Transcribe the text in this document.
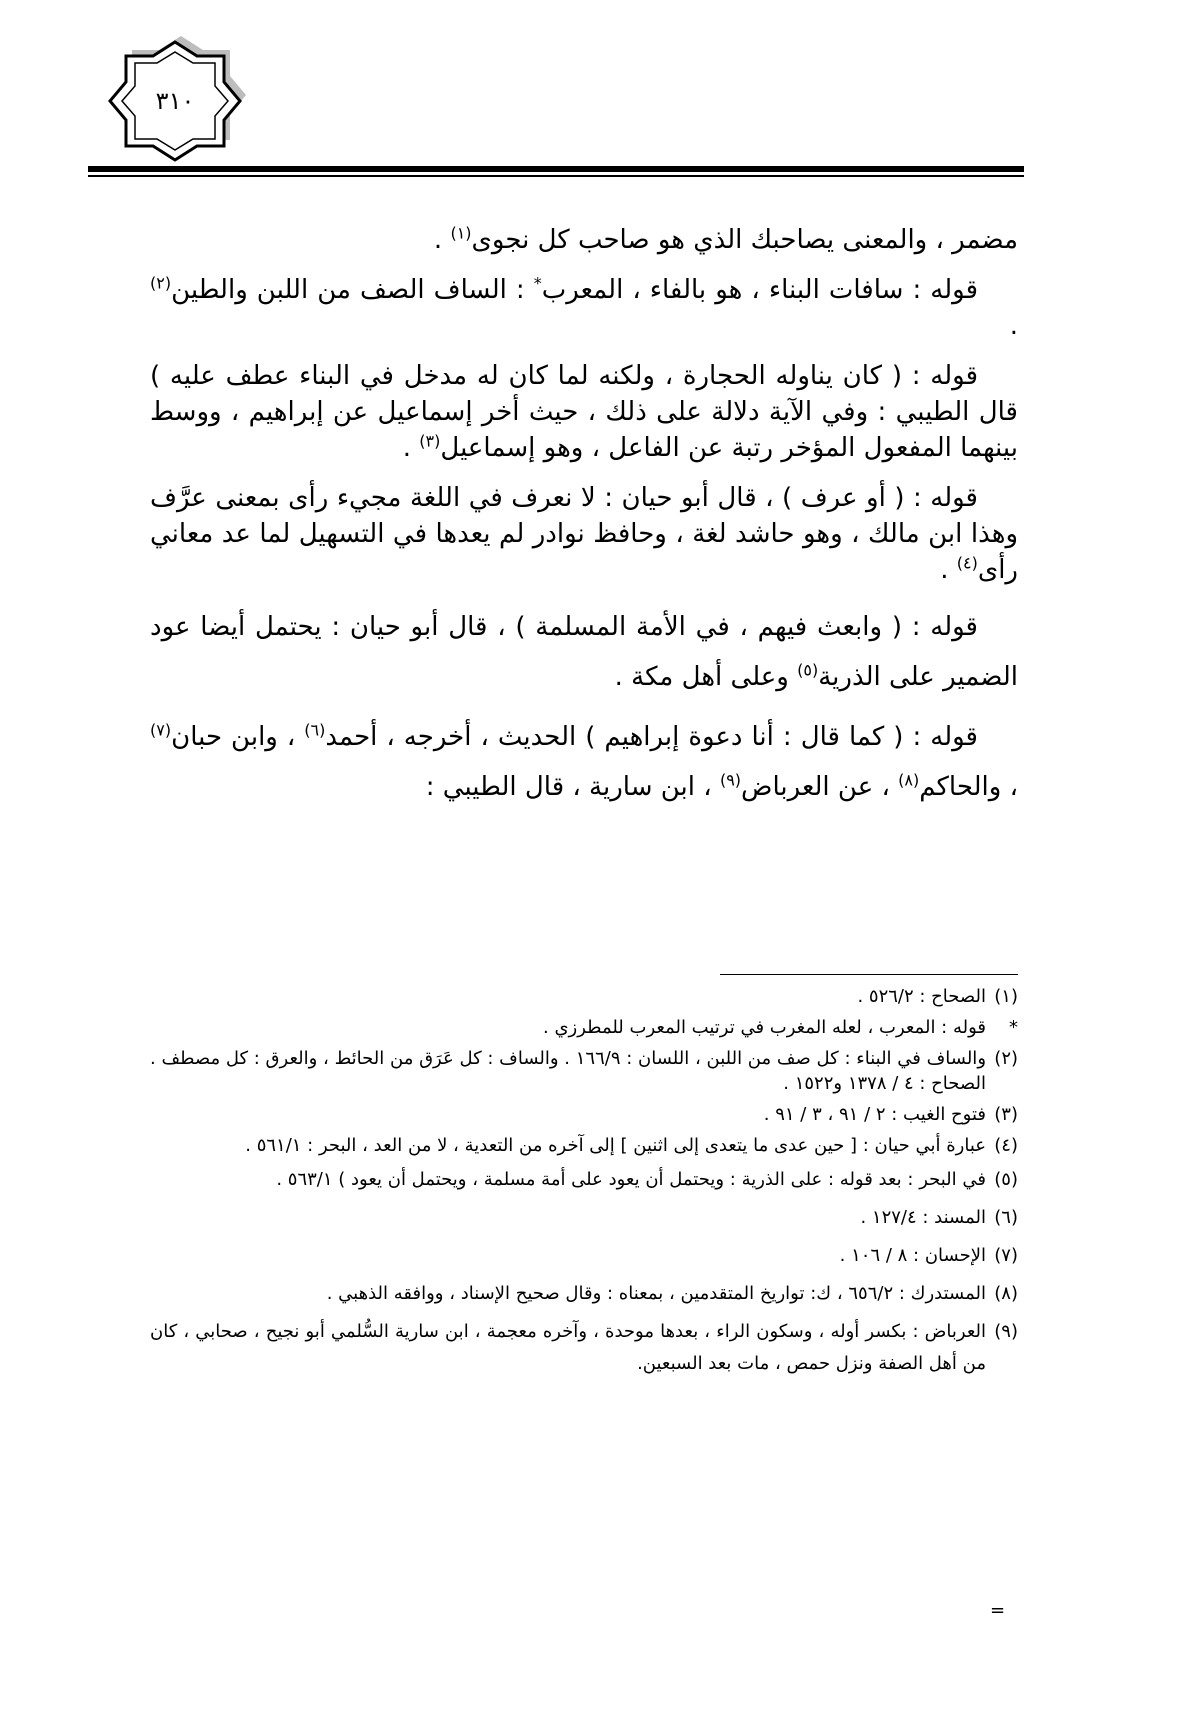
٣١٠

مضمر ، والمعنى يصاحبك الذي هو صاحب كل نجوى$^{(١)}$ .

قوله : سافات البناء ، هو بالفاء ، المعرب* : الساف الصف من اللبن والطين$^{(٢)}$ .

قوله : ( كان يناوله الحجارة ، ولكنه لما كان له مدخل في البناء عطف عليه ) قال الطيبي : وفي الآية دلالة على ذلك ، حيث أخر إسماعيل عن إبراهيم ، ووسط بينهما المفعول المؤخر رتبة عن الفاعل ، وهو إسماعيل$^{(٣)}$ .

قوله : ( أو عرف ) ، قال أبو حيان : لا نعرف في اللغة مجيء رأى بمعنى عرَّف وهذا ابن مالك ، وهو حاشد لغة ، وحافظ نوادر لم يعدها في التسهيل لما عد معاني رأى$^{(٤)}$ .

قوله : ( وابعث فيهم ، في الأمة المسلمة ) ، قال أبو حيان : يحتمل أيضا عود الضمير على الذرية$^{(٥)}$ وعلى أهل مكة .

قوله : ( كما قال : أنا دعوة إبراهيم ) الحديث ، أخرجه ، أحمد$^{(٦)}$ ، وابن حبان$^{(٧)}$ ، والحاكم$^{(٨)}$ ، عن العرباض$^{(٩)}$ ، ابن سارية ، قال الطيبي :

(١)الصحاح : ٥٢٦/٢ .
*قوله : المعرب ، لعله المغرب في ترتيب المعرب للمطرزي .
(٢)والساف في البناء : كل صف من اللبن ، اللسان : ١٦٦/٩ . والساف : كل عَرَق من الحائط ، والعرق : كل مصطف . الصحاح : ٤ / ١٣٧٨ و١٥٢٢ .
(٣)فتوح الغيب : ٢ / ٩١ ، ٣ / ٩١ .
(٤)عبارة أبي حيان : [ حين عدى ما يتعدى إلى اثنين ] إلى آخره من التعدية ، لا من العد ، البحر : ٥٦١/١ .
(٥)في البحر : بعد قوله : على الذرية : ويحتمل أن يعود على أمة مسلمة ، ويحتمل أن يعود ) ٥٦٣/١ .
(٦)المسند : ١٢٧/٤ .
(٧)الإحسان : ٨ / ١٠٦ .
(٨)المستدرك : ٦٥٦/٢ ، ك: تواريخ المتقدمين ، بمعناه : وقال صحيح الإسناد ، ووافقه الذهبي .
(٩)العرباض : بكسر أوله ، وسكون الراء ، بعدها موحدة ، وآخره معجمة ، ابن سارية السُّلمي أبو نجيح ، صحابي ، كان من أهل الصفة ونزل حمص ، مات بعد السبعين.
=
